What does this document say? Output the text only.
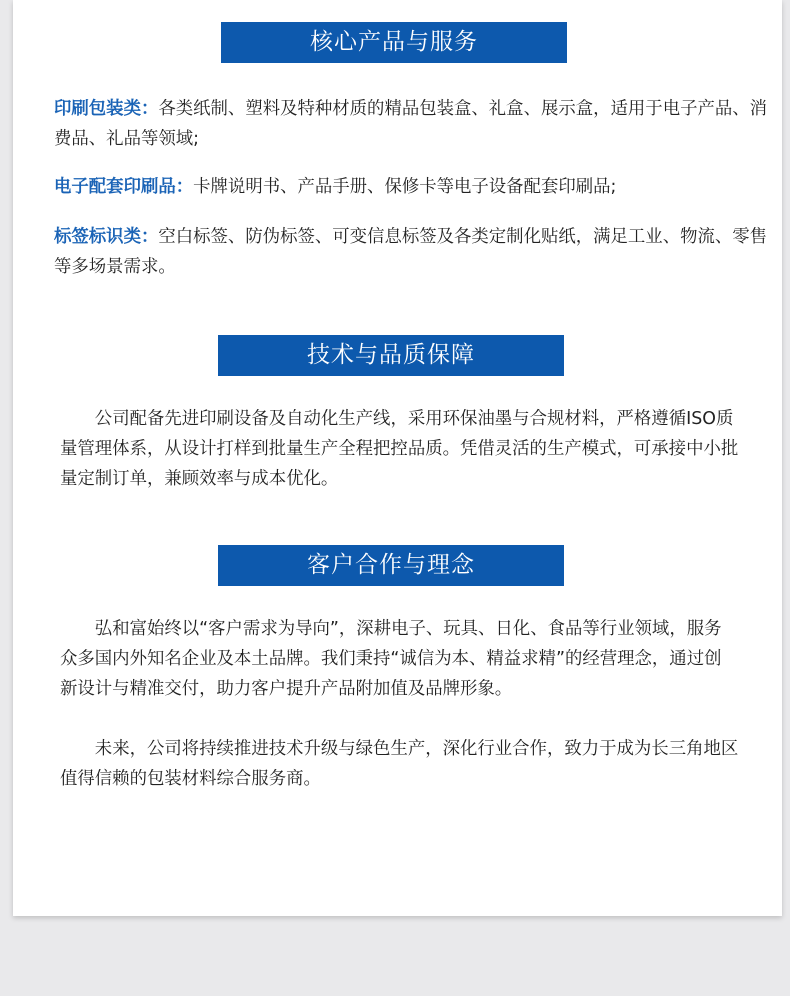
核心产品与服务

印刷包装类：各类纸制、塑料及特种材质的精品包装盒、礼盒、展示盒，适用于电子产品、消费品、礼品等领域;

电子配套印刷品：卡牌说明书、产品手册、保修卡等电子设备配套印刷品;

标签标识类：空白标签、防伪标签、可变信息标签及各类定制化贴纸，满足工业、物流、零售等多场景需求。

技术与品质保障

公司配备先进印刷设备及自动化生产线，采用环保油墨与合规材料，严格遵循ISO质量管理体系，从设计打样到批量生产全程把控品质。凭借灵活的生产模式，可承接中小批量定制订单，兼顾效率与成本优化。

客户合作与理念

弘和富始终以“客户需求为导向”，深耕电子、玩具、日化、食品等行业领域，服务众多国内外知名企业及本土品牌。我们秉持“诚信为本、精益求精”的经营理念，通过创新设计与精准交付，助力客户提升产品附加值及品牌形象。

未来，公司将持续推进技术升级与绿色生产，深化行业合作，致力于成为长三角地区值得信赖的包装材料综合服务商。
